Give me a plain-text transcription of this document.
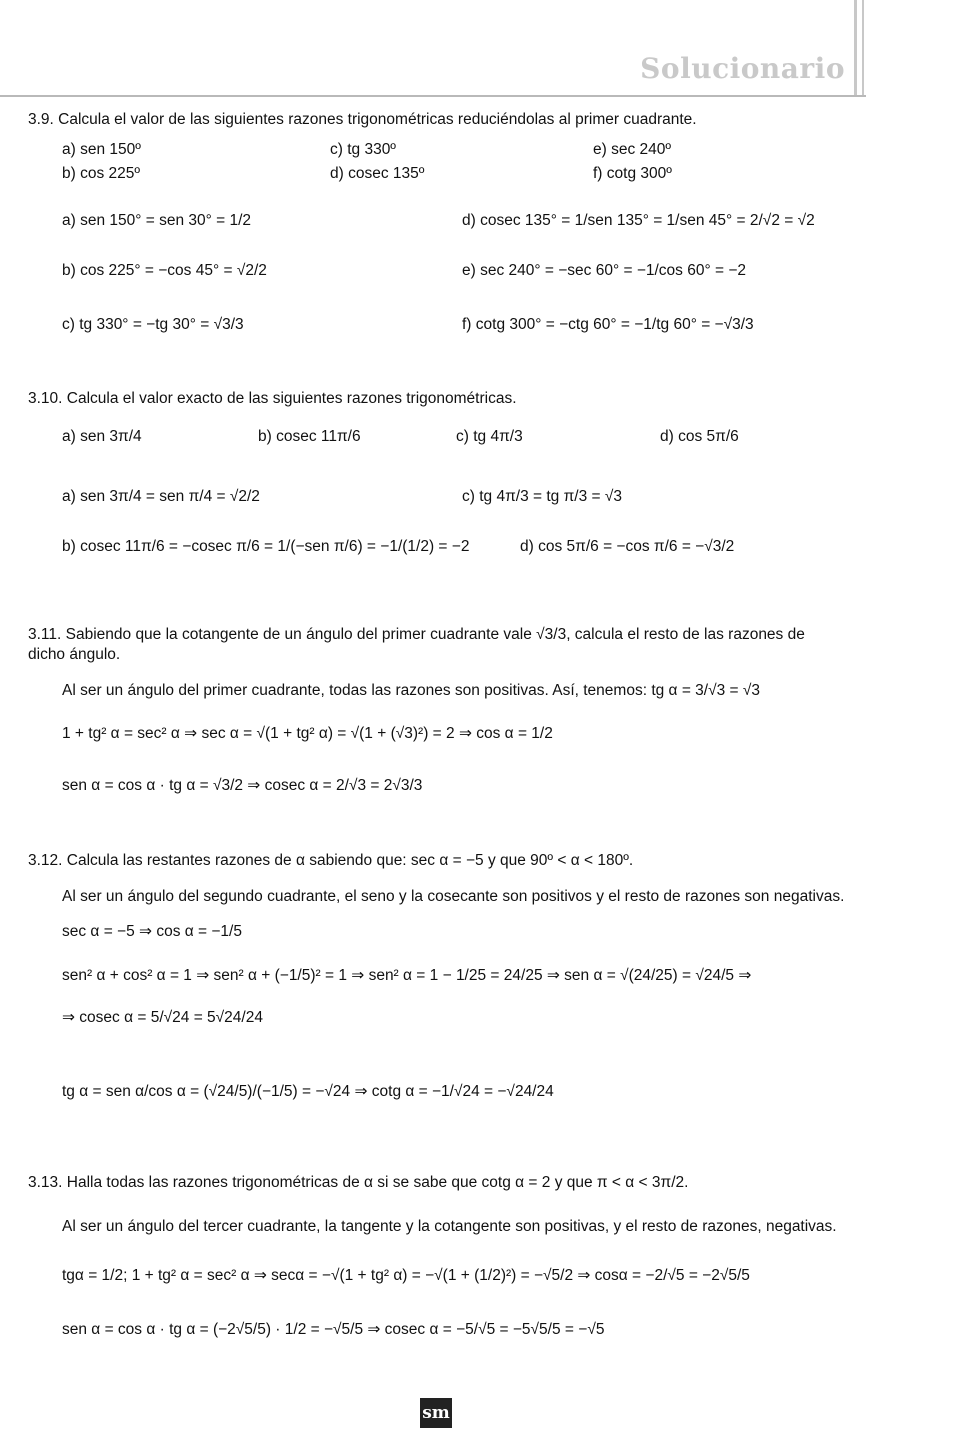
Solucionario
3.9. Calcula el valor de las siguientes razones trigonométricas reduciéndolas al primer cuadrante.
a) sen 150º	c) tg 330º	e) sec 240º
b) cos 225º	d) cosec 135º	f) cotg 300º
a) sen 150° = sen 30° = 1/2
b) cos 225° = −cos 45° = √2/2
c) tg 330° = −tg 30° = √3/3
d) cosec 135° = 1/sen 135° = 1/sen 45° = 2/√2 = √2
e) sec 240° = −sec 60° = −1/cos 60° = −2
f) cotg 300° = −ctg 60° = −1/tg 60° = −√3/3
3.10. Calcula el valor exacto de las siguientes razones trigonométricas.
a) sen 3π/4	b) cosec 11π/6	c) tg 4π/3	d) cos 5π/6
a) sen 3π/4 = sen π/4 = √2/2	c) tg 4π/3 = tg π/3 = √3
b) cosec 11π/6 = −cosec π/6 = 1/(−sen π/6) = −1/(1/2) = −2	d) cos 5π/6 = −cos π/6 = −√3/2
3.11. Sabiendo que la cotangente de un ángulo del primer cuadrante vale √3/3, calcula el resto de las razones de
dicho ángulo.
Al ser un ángulo del primer cuadrante, todas las razones son positivas. Así, tenemos: tg α = 3/√3 = √3
1 + tg² α = sec² α ⇒ sec α = √(1 + tg² α) = √(1 + (√3)²) = 2 ⇒ cos α = 1/2
sen α = cos α · tg α = √3/2 ⇒ cosec α = 2/√3 = 2√3/3
3.12. Calcula las restantes razones de α sabiendo que: sec α = −5 y que 90º < α < 180º.
Al ser un ángulo del segundo cuadrante, el seno y la cosecante son positivos y el resto de razones son negativas.
sec α = −5 ⇒ cos α = −1/5
sen² α + cos² α = 1 ⇒ sen² α + (−1/5)² = 1 ⇒ sen² α = 1 − 1/25 = 24/25 ⇒ sen α = √(24/25) = √24/5 ⇒
⇒ cosec α = 5/√24 = 5√24/24
tg α = sen α/cos α = (√24/5)/(−1/5) = −√24 ⇒ cotg α = −1/√24 = −√24/24
3.13. Halla todas las razones trigonométricas de α si se sabe que cotg α = 2 y que π < α < 3π/2.
Al ser un ángulo del tercer cuadrante, la tangente y la cotangente son positivas, y el resto de razones, negativas.
tgα = 1/2; 1 + tg² α = sec² α ⇒ secα = −√(1 + tg² α) = −√(1 + (1/2)²) = −√5/2 ⇒ cosα = −2/√5 = −2√5/5
sen α = cos α · tg α = (−2√5/5) · 1/2 = −√5/5 ⇒ cosec α = −5/√5 = −5√5/5 = −√5
sm
